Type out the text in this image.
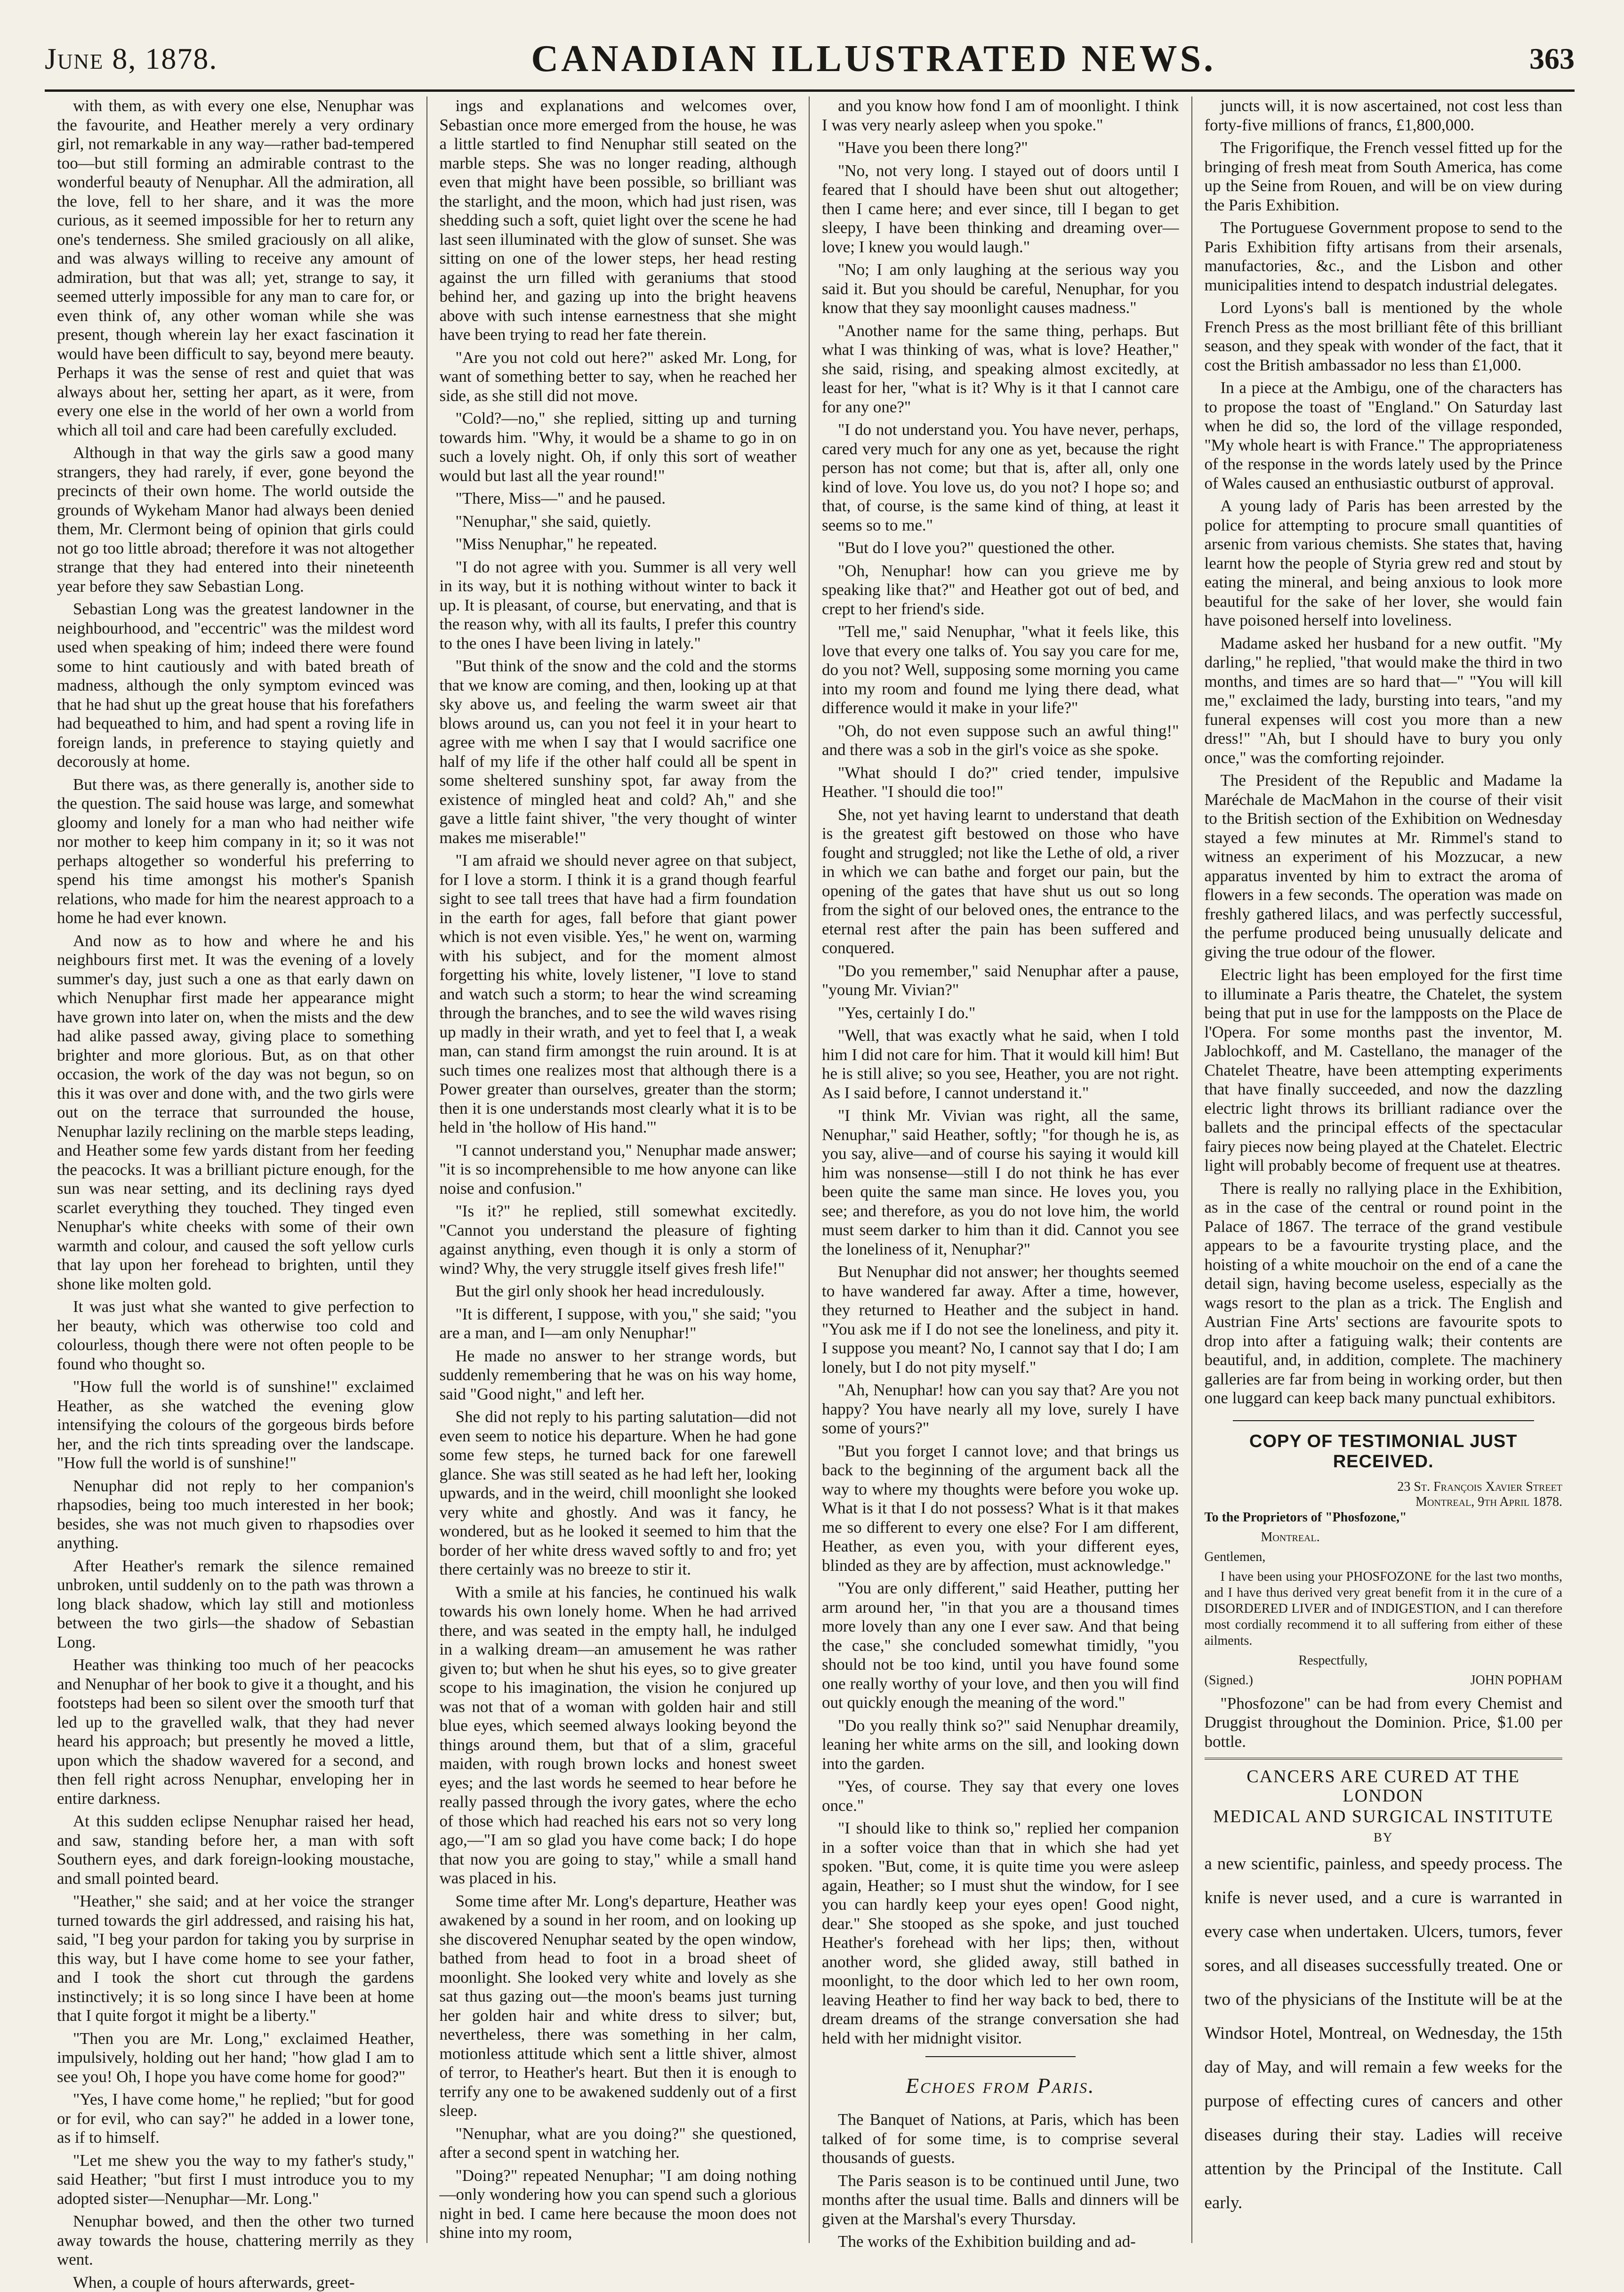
June 8, 1878.	CANADIAN ILLUSTRATED NEWS.	363

with them, as with every one else, Nenuphar was the favourite, and Heather merely a very ordinary girl, not remarkable in any way—rather bad-tempered too—but still forming an admirable contrast to the wonderful beauty of Nenuphar. All the admiration, all the love, fell to her share, and it was the more curious, as it seemed impossible for her to return any one's tenderness. She smiled graciously on all alike, and was always willing to receive any amount of admiration, but that was all; yet, strange to say, it seemed utterly impossible for any man to care for, or even think of, any other woman while she was present, though wherein lay her exact fascination it would have been difficult to say, beyond mere beauty. Perhaps it was the sense of rest and quiet that was always about her, setting her apart, as it were, from every one else in the world of her own a world from which all toil and care had been carefully excluded.

Although in that way the girls saw a good many strangers, they had rarely, if ever, gone beyond the precincts of their own home. The world outside the grounds of Wykeham Manor had always been denied them, Mr. Clermont being of opinion that girls could not go too little abroad; therefore it was not altogether strange that they had entered into their nineteenth year before they saw Sebastian Long.

Sebastian Long was the greatest landowner in the neighbourhood, and "eccentric" was the mildest word used when speaking of him; indeed there were found some to hint cautiously and with bated breath of madness, although the only symptom evinced was that he had shut up the great house that his forefathers had bequeathed to him, and had spent a roving life in foreign lands, in preference to staying quietly and decorously at home.

But there was, as there generally is, another side to the question. The said house was large, and somewhat gloomy and lonely for a man who had neither wife nor mother to keep him company in it; so it was not perhaps altogether so wonderful his preferring to spend his time amongst his mother's Spanish relations, who made for him the nearest approach to a home he had ever known.

And now as to how and where he and his neighbours first met. It was the evening of a lovely summer's day, just such a one as that early dawn on which Nenuphar first made her appearance might have grown into later on, when the mists and the dew had alike passed away, giving place to something brighter and more glorious. But, as on that other occasion, the work of the day was not begun, so on this it was over and done with, and the two girls were out on the terrace that surrounded the house, Nenuphar lazily reclining on the marble steps leading, and Heather some few yards distant from her feeding the peacocks. It was a brilliant picture enough, for the sun was near setting, and its declining rays dyed scarlet everything they touched. They tinged even Nenuphar's white cheeks with some of their own warmth and colour, and caused the soft yellow curls that lay upon her forehead to brighten, until they shone like molten gold.

It was just what she wanted to give perfection to her beauty, which was otherwise too cold and colourless, though there were not often people to be found who thought so.

"How full the world is of sunshine!" exclaimed Heather, as she watched the evening glow intensifying the colours of the gorgeous birds before her, and the rich tints spreading over the landscape. "How full the world is of sunshine!"

Nenuphar did not reply to her companion's rhapsodies, being too much interested in her book; besides, she was not much given to rhapsodies over anything.

After Heather's remark the silence remained unbroken, until suddenly on to the path was thrown a long black shadow, which lay still and motionless between the two girls—the shadow of Sebastian Long.

Heather was thinking too much of her peacocks and Nenuphar of her book to give it a thought, and his footsteps had been so silent over the smooth turf that led up to the gravelled walk, that they had never heard his approach; but presently he moved a little, upon which the shadow wavered for a second, and then fell right across Nenuphar, enveloping her in entire darkness.

At this sudden eclipse Nenuphar raised her head, and saw, standing before her, a man with soft Southern eyes, and dark foreign-looking moustache, and small pointed beard.

"Heather," she said; and at her voice the stranger turned towards the girl addressed, and raising his hat, said, "I beg your pardon for taking you by surprise in this way, but I have come home to see your father, and I took the short cut through the gardens instinctively; it is so long since I have been at home that I quite forgot it might be a liberty."

"Then you are Mr. Long," exclaimed Heather, impulsively, holding out her hand; "how glad I am to see you! Oh, I hope you have come home for good?"

"Yes, I have come home," he replied; "but for good or for evil, who can say?" he added in a lower tone, as if to himself.

"Let me shew you the way to my father's study," said Heather; "but first I must introduce you to my adopted sister—Nenuphar—Mr. Long."

Nenuphar bowed, and then the other two turned away towards the house, chattering merrily as they went.

When, a couple of hours afterwards, greet-

ings and explanations and welcomes over, Sebastian once more emerged from the house, he was a little startled to find Nenuphar still seated on the marble steps. She was no longer reading, although even that might have been possible, so brilliant was the starlight, and the moon, which had just risen, was shedding such a soft, quiet light over the scene he had last seen illuminated with the glow of sunset. She was sitting on one of the lower steps, her head resting against the urn filled with geraniums that stood behind her, and gazing up into the bright heavens above with such intense earnestness that she might have been trying to read her fate therein.

"Are you not cold out here?" asked Mr. Long, for want of something better to say, when he reached her side, as she still did not move.

"Cold?—no," she replied, sitting up and turning towards him. "Why, it would be a shame to go in on such a lovely night. Oh, if only this sort of weather would but last all the year round!"

"There, Miss—" and he paused.

"Nenuphar," she said, quietly.

"Miss Nenuphar," he repeated.

"I do not agree with you. Summer is all very well in its way, but it is nothing without winter to back it up. It is pleasant, of course, but enervating, and that is the reason why, with all its faults, I prefer this country to the ones I have been living in lately."

"But think of the snow and the cold and the storms that we know are coming, and then, looking up at that sky above us, and feeling the warm sweet air that blows around us, can you not feel it in your heart to agree with me when I say that I would sacrifice one half of my life if the other half could all be spent in some sheltered sunshiny spot, far away from the existence of mingled heat and cold? Ah," and she gave a little faint shiver, "the very thought of winter makes me miserable!"

"I am afraid we should never agree on that subject, for I love a storm. I think it is a grand though fearful sight to see tall trees that have had a firm foundation in the earth for ages, fall before that giant power which is not even visible. Yes," he went on, warming with his subject, and for the moment almost forgetting his white, lovely listener, "I love to stand and watch such a storm; to hear the wind screaming through the branches, and to see the wild waves rising up madly in their wrath, and yet to feel that I, a weak man, can stand firm amongst the ruin around. It is at such times one realizes most that although there is a Power greater than ourselves, greater than the storm; then it is one understands most clearly what it is to be held in 'the hollow of His hand.'"

"I cannot understand you," Nenuphar made answer; "it is so incomprehensible to me how anyone can like noise and confusion."

"Is it?" he replied, still somewhat excitedly. "Cannot you understand the pleasure of fighting against anything, even though it is only a storm of wind? Why, the very struggle itself gives fresh life!"

But the girl only shook her head incredulously.

"It is different, I suppose, with you," she said; "you are a man, and I—am only Nenuphar!"

He made no answer to her strange words, but suddenly remembering that he was on his way home, said "Good night," and left her.

She did not reply to his parting salutation—did not even seem to notice his departure. When he had gone some few steps, he turned back for one farewell glance. She was still seated as he had left her, looking upwards, and in the weird, chill moonlight she looked very white and ghostly. And was it fancy, he wondered, but as he looked it seemed to him that the border of her white dress waved softly to and fro; yet there certainly was no breeze to stir it.

With a smile at his fancies, he continued his walk towards his own lonely home. When he had arrived there, and was seated in the empty hall, he indulged in a walking dream—an amusement he was rather given to; but when he shut his eyes, so to give greater scope to his imagination, the vision he conjured up was not that of a woman with golden hair and still blue eyes, which seemed always looking beyond the things around them, but that of a slim, graceful maiden, with rough brown locks and honest sweet eyes; and the last words he seemed to hear before he really passed through the ivory gates, where the echo of those which had reached his ears not so very long ago,—"I am so glad you have come back; I do hope that now you are going to stay," while a small hand was placed in his.

Some time after Mr. Long's departure, Heather was awakened by a sound in her room, and on looking up she discovered Nenuphar seated by the open window, bathed from head to foot in a broad sheet of moonlight. She looked very white and lovely as she sat thus gazing out—the moon's beams just turning her golden hair and white dress to silver; but, nevertheless, there was something in her calm, motionless attitude which sent a little shiver, almost of terror, to Heather's heart. But then it is enough to terrify any one to be awakened suddenly out of a first sleep.

"Nenuphar, what are you doing?" she questioned, after a second spent in watching her.

"Doing?" repeated Nenuphar; "I am doing nothing—only wondering how you can spend such a glorious night in bed. I came here because the moon does not shine into my room,

and you know how fond I am of moonlight. I think I was very nearly asleep when you spoke."

"Have you been there long?"

"No, not very long. I stayed out of doors until I feared that I should have been shut out altogether; then I came here; and ever since, till I began to get sleepy, I have been thinking and dreaming over—love; I knew you would laugh."

"No; I am only laughing at the serious way you said it. But you should be careful, Nenuphar, for you know that they say moonlight causes madness."

"Another name for the same thing, perhaps. But what I was thinking of was, what is love? Heather," she said, rising, and speaking almost excitedly, at least for her, "what is it? Why is it that I cannot care for any one?"

"I do not understand you. You have never, perhaps, cared very much for any one as yet, because the right person has not come; but that is, after all, only one kind of love. You love us, do you not? I hope so; and that, of course, is the same kind of thing, at least it seems so to me."

"But do I love you?" questioned the other.

"Oh, Nenuphar! how can you grieve me by speaking like that?" and Heather got out of bed, and crept to her friend's side.

"Tell me," said Nenuphar, "what it feels like, this love that every one talks of. You say you care for me, do you not? Well, supposing some morning you came into my room and found me lying there dead, what difference would it make in your life?"

"Oh, do not even suppose such an awful thing!" and there was a sob in the girl's voice as she spoke.

"What should I do?" cried tender, impulsive Heather. "I should die too!"

She, not yet having learnt to understand that death is the greatest gift bestowed on those who have fought and struggled; not like the Lethe of old, a river in which we can bathe and forget our pain, but the opening of the gates that have shut us out so long from the sight of our beloved ones, the entrance to the eternal rest after the pain has been suffered and conquered.

"Do you remember," said Nenuphar after a pause, "young Mr. Vivian?"

"Yes, certainly I do."

"Well, that was exactly what he said, when I told him I did not care for him. That it would kill him! But he is still alive; so you see, Heather, you are not right. As I said before, I cannot understand it."

"I think Mr. Vivian was right, all the same, Nenuphar," said Heather, softly; "for though he is, as you say, alive—and of course his saying it would kill him was nonsense—still I do not think he has ever been quite the same man since. He loves you, you see; and therefore, as you do not love him, the world must seem darker to him than it did. Cannot you see the loneliness of it, Nenuphar?"

But Nenuphar did not answer; her thoughts seemed to have wandered far away. After a time, however, they returned to Heather and the subject in hand. "You ask me if I do not see the loneliness, and pity it. I suppose you meant? No, I cannot say that I do; I am lonely, but I do not pity myself."

"Ah, Nenuphar! how can you say that? Are you not happy? You have nearly all my love, surely I have some of yours?"

"But you forget I cannot love; and that brings us back to the beginning of the argument back all the way to where my thoughts were before you woke up. What is it that I do not possess? What is it that makes me so different to every one else? For I am different, Heather, as even you, with your different eyes, blinded as they are by affection, must acknowledge."

"You are only different," said Heather, putting her arm around her, "in that you are a thousand times more lovely than any one I ever saw. And that being the case," she concluded somewhat timidly, "you should not be too kind, until you have found some one really worthy of your love, and then you will find out quickly enough the meaning of the word."

"Do you really think so?" said Nenuphar dreamily, leaning her white arms on the sill, and looking down into the garden.

"Yes, of course. They say that every one loves once."

"I should like to think so," replied her companion in a softer voice than that in which she had yet spoken. "But, come, it is quite time you were asleep again, Heather; so I must shut the window, for I see you can hardly keep your eyes open! Good night, dear." She stooped as she spoke, and just touched Heather's forehead with her lips; then, without another word, she glided away, still bathed in moonlight, to the door which led to her own room, leaving Heather to find her way back to bed, there to dream dreams of the strange conversation she had held with her midnight visitor.

Echoes from Paris.

The Banquet of Nations, at Paris, which has been talked of for some time, is to comprise several thousands of guests.

The Paris season is to be continued until June, two months after the usual time. Balls and dinners will be given at the Marshal's every Thursday.

The works of the Exhibition building and ad-

juncts will, it is now ascertained, not cost less than forty-five millions of francs, £1,800,000.

The Frigorifique, the French vessel fitted up for the bringing of fresh meat from South America, has come up the Seine from Rouen, and will be on view during the Paris Exhibition.

The Portuguese Government propose to send to the Paris Exhibition fifty artisans from their arsenals, manufactories, &c., and the Lisbon and other municipalities intend to despatch industrial delegates.

Lord Lyons's ball is mentioned by the whole French Press as the most brilliant fête of this brilliant season, and they speak with wonder of the fact, that it cost the British ambassador no less than £1,000.

In a piece at the Ambigu, one of the characters has to propose the toast of "England." On Saturday last when he did so, the lord of the village responded, "My whole heart is with France." The appropriateness of the response in the words lately used by the Prince of Wales caused an enthusiastic outburst of approval.

A young lady of Paris has been arrested by the police for attempting to procure small quantities of arsenic from various chemists. She states that, having learnt how the people of Styria grew red and stout by eating the mineral, and being anxious to look more beautiful for the sake of her lover, she would fain have poisoned herself into loveliness.

Madame asked her husband for a new outfit. "My darling," he replied, "that would make the third in two months, and times are so hard that—" "You will kill me," exclaimed the lady, bursting into tears, "and my funeral expenses will cost you more than a new dress!" "Ah, but I should have to bury you only once," was the comforting rejoinder.

The President of the Republic and Madame la Maréchale de MacMahon in the course of their visit to the British section of the Exhibition on Wednesday stayed a few minutes at Mr. Rimmel's stand to witness an experiment of his Mozzucar, a new apparatus invented by him to extract the aroma of flowers in a few seconds. The operation was made on freshly gathered lilacs, and was perfectly successful, the perfume produced being unusually delicate and giving the true odour of the flower.

Electric light has been employed for the first time to illuminate a Paris theatre, the Chatelet, the system being that put in use for the lampposts on the Place de l'Opera. For some months past the inventor, M. Jablochkoff, and M. Castellano, the manager of the Chatelet Theatre, have been attempting experiments that have finally succeeded, and now the dazzling electric light throws its brilliant radiance over the ballets and the principal effects of the spectacular fairy pieces now being played at the Chatelet. Electric light will probably become of frequent use at theatres.

There is really no rallying place in the Exhibition, as in the case of the central or round point in the Palace of 1867. The terrace of the grand vestibule appears to be a favourite trysting place, and the hoisting of a white mouchoir on the end of a cane the detail sign, having become useless, especially as the wags resort to the plan as a trick. The English and Austrian Fine Arts' sections are favourite spots to drop into after a fatiguing walk; their contents are beautiful, and, in addition, complete. The machinery galleries are far from being in working order, but then one luggard can keep back many punctual exhibitors.

COPY OF TESTIMONIAL JUST RECEIVED.
23 St. François Xavier Street
Montreal, 9th April 1878.

To the Proprietors of "Phosfozone,"

Montreal.

Gentlemen,

I have been using your PHOSFOZONE for the last two months, and I have thus derived very great benefit from it in the cure of a DISORDERED LIVER and of INDIGESTION, and I can therefore most cordially recommend it to all suffering from either of these ailments.

Respectfully,

(Signed.)	JOHN POPHAM

"Phosfozone" can be had from every Chemist and Druggist throughout the Dominion. Price, $1.00 per bottle.

CANCERS ARE CURED AT THE LONDON

MEDICAL AND SURGICAL INSTITUTE by

a new scientific, painless, and speedy process. The knife is never used, and a cure is warranted in every case when undertaken. Ulcers, tumors, fever sores, and all diseases successfully treated. One or two of the physicians of the Institute will be at the Windsor Hotel, Montreal, on Wednesday, the 15th day of May, and will remain a few weeks for the purpose of effecting cures of cancers and other diseases during their stay. Ladies will receive attention by the Principal of the Institute. Call early.
